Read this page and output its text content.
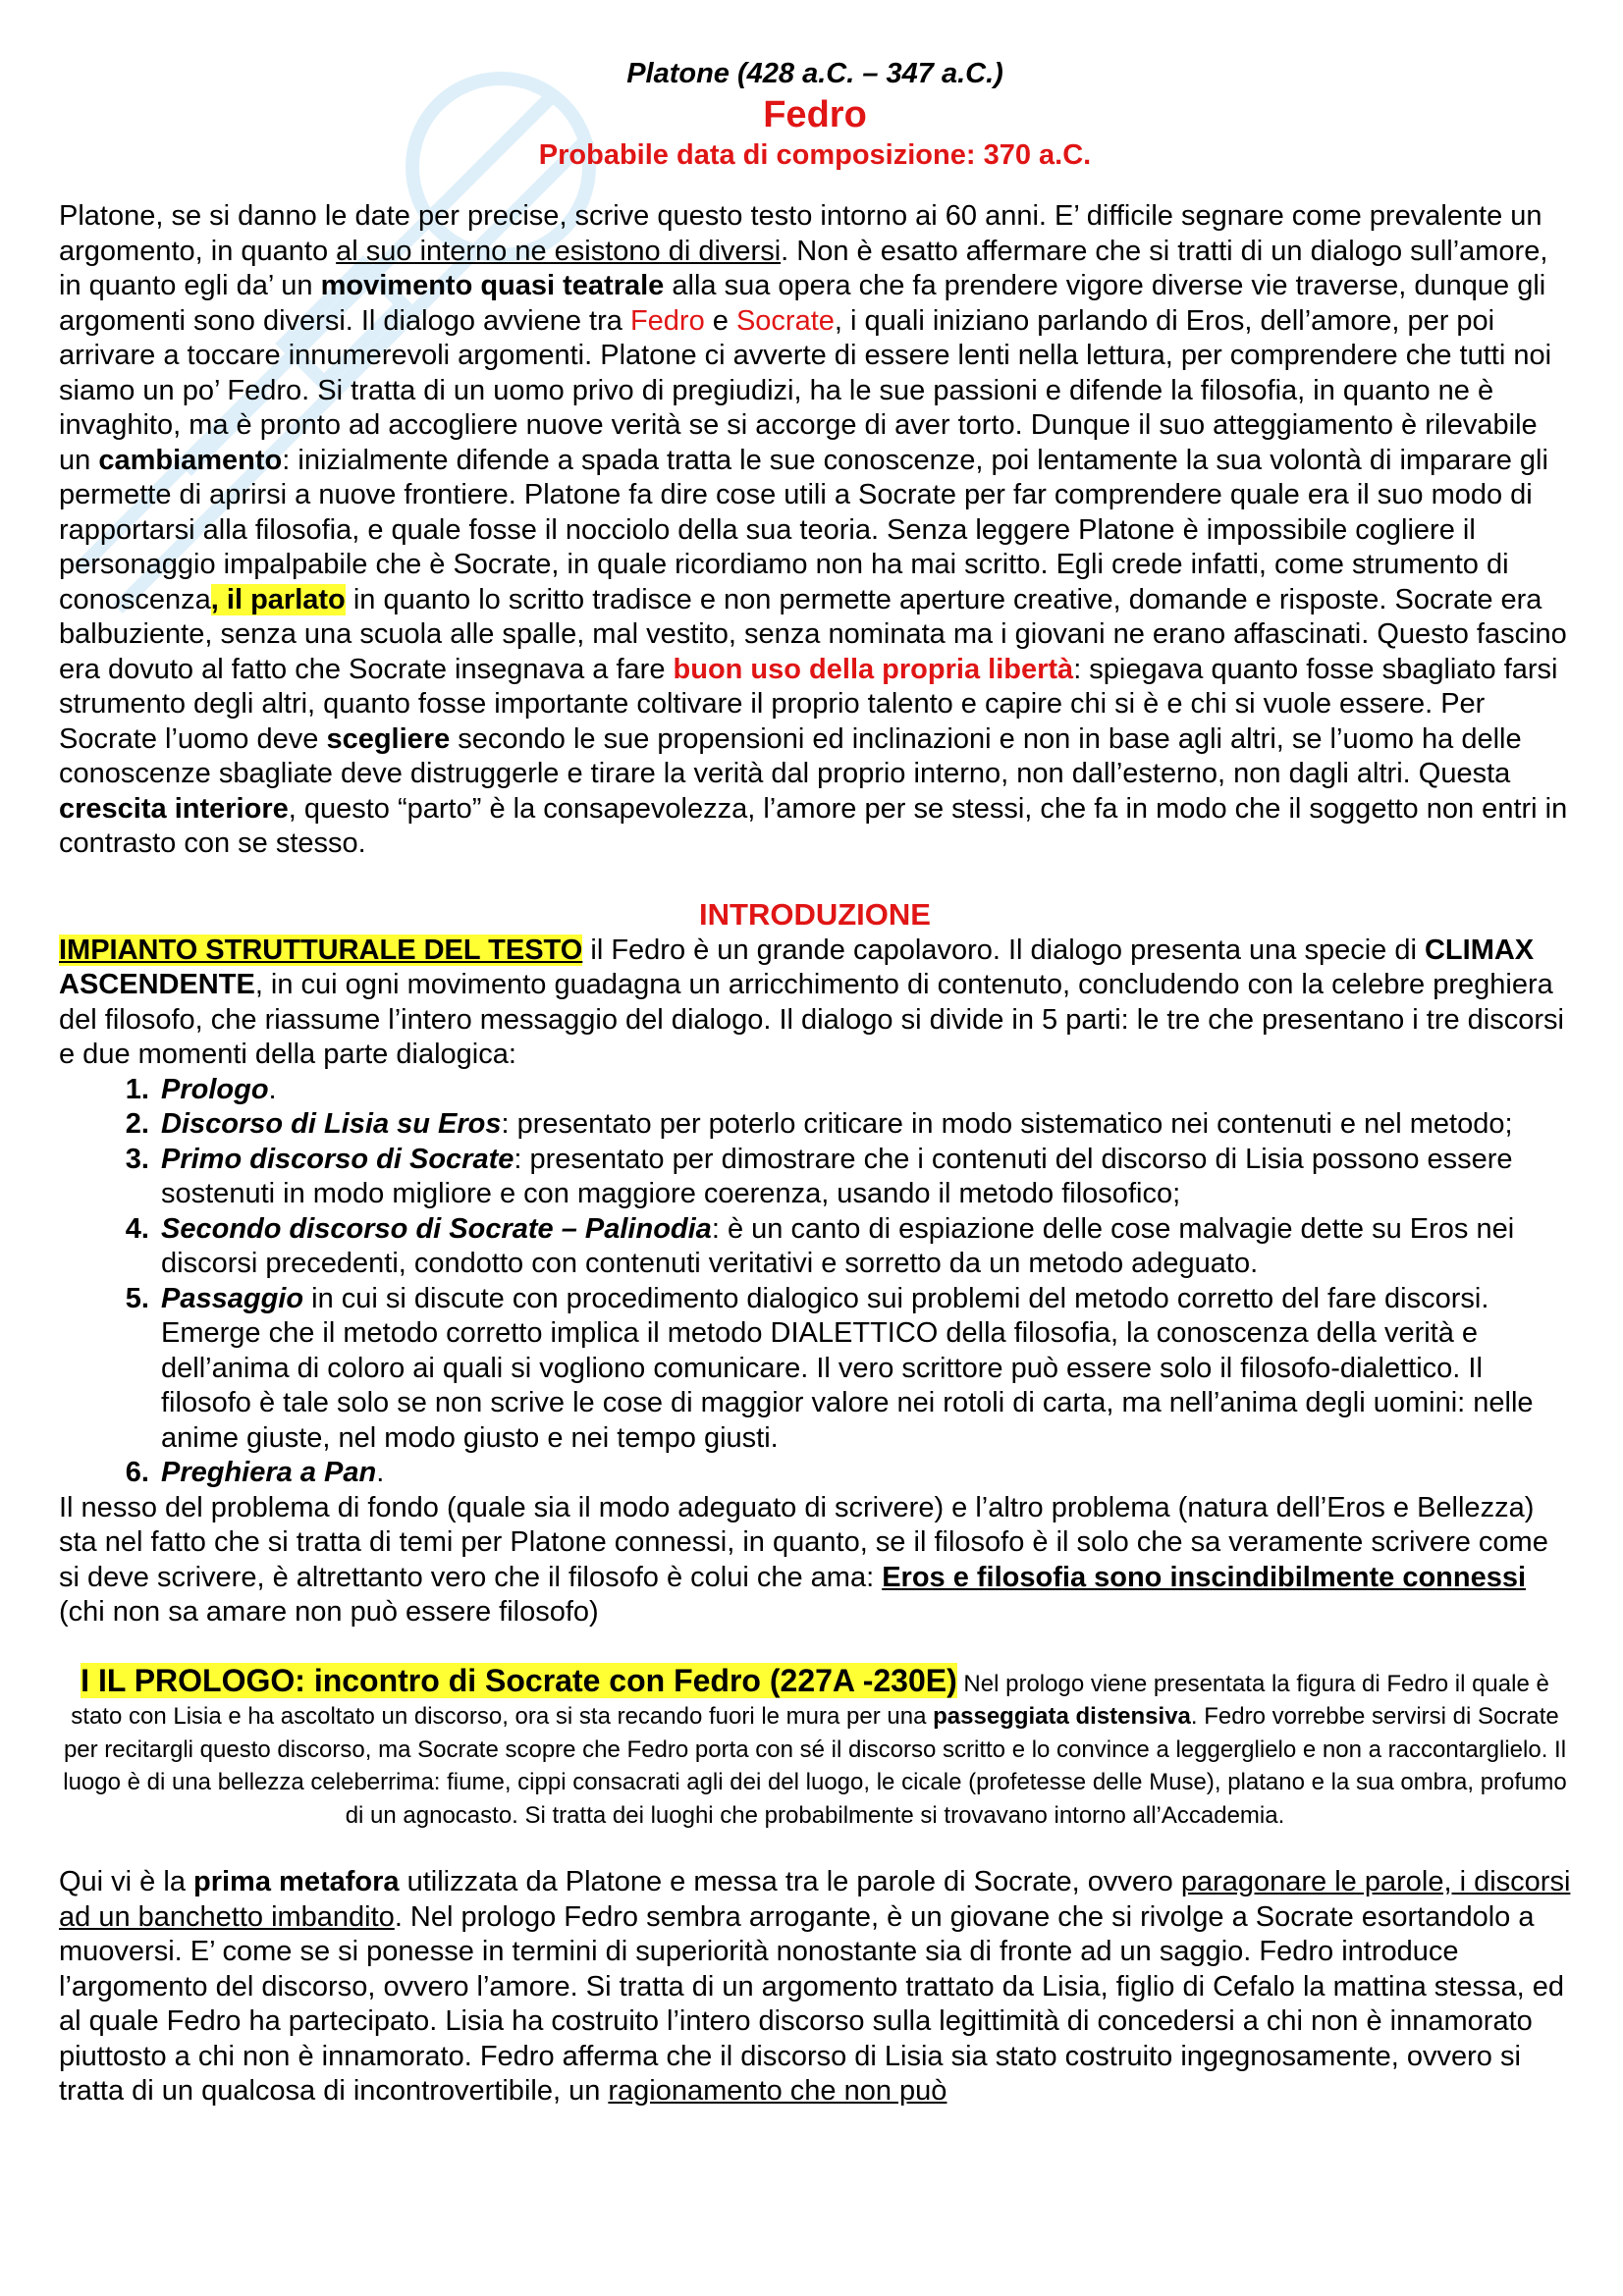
Platone (428 a.C. – 347 a.C.)
Fedro
Probabile data di composizione: 370 a.C.

Platone, se si danno le date per precise, scrive questo testo intorno ai 60 anni. E’ difficile segnare come prevalente un argomento, in quanto al suo interno ne esistono di diversi. Non è esatto affermare che si tratti di un dialogo sull’amore, in quanto egli da’ un movimento quasi teatrale alla sua opera che fa prendere vigore diverse vie traverse, dunque gli argomenti sono diversi. Il dialogo avviene tra Fedro e Socrate, i quali iniziano parlando di Eros, dell’amore, per poi arrivare a toccare innumerevoli argomenti. Platone ci avverte di essere lenti nella lettura, per comprendere che tutti noi siamo un po’ Fedro. Si tratta di un uomo privo di pregiudizi, ha le sue passioni e difende la filosofia, in quanto ne è invaghito, ma è pronto ad accogliere nuove verità se si accorge di aver torto. Dunque il suo atteggiamento è rilevabile un cambiamento: inizialmente difende a spada tratta le sue conoscenze, poi lentamente la sua volontà di imparare gli permette di aprirsi a nuove frontiere. Platone fa dire cose utili a Socrate per far comprendere quale era il suo modo di rapportarsi alla filosofia, e quale fosse il nocciolo della sua teoria. Senza leggere Platone è impossibile cogliere il personaggio impalpabile che è Socrate, in quale ricordiamo non ha mai scritto. Egli crede infatti, come strumento di conoscenza, il parlato in quanto lo scritto tradisce e non permette aperture creative, domande e risposte. Socrate era balbuziente, senza una scuola alle spalle, mal vestito, senza nominata ma i giovani ne erano affascinati. Questo fascino era dovuto al fatto che Socrate insegnava a fare buon uso della propria libertà: spiegava quanto fosse sbagliato farsi strumento degli altri, quanto fosse importante coltivare il proprio talento e capire chi si è e chi si vuole essere. Per Socrate l’uomo deve scegliere secondo le sue propensioni ed inclinazioni e non in base agli altri, se l’uomo ha delle conoscenze sbagliate deve distruggerle e tirare la verità dal proprio interno, non dall’esterno, non dagli altri. Questa crescita interiore, questo “parto” è la consapevolezza, l’amore per se stessi, che fa in modo che il soggetto non entri in contrasto con se stesso.

INTRODUZIONE

IMPIANTO STRUTTURALE DEL TESTO il Fedro è un grande capolavoro. Il dialogo presenta una specie di CLIMAX ASCENDENTE, in cui ogni movimento guadagna un arricchimento di contenuto, concludendo con la celebre preghiera del filosofo, che riassume l’intero messaggio del dialogo. Il dialogo si divide in 5 parti: le tre che presentano i tre discorsi e due momenti della parte dialogica:

1. Prologo.
2. Discorso di Lisia su Eros: presentato per poterlo criticare in modo sistematico nei contenuti e nel metodo;
3. Primo discorso di Socrate: presentato per dimostrare che i contenuti del discorso di Lisia possono essere sostenuti in modo migliore e con maggiore coerenza, usando il metodo filosofico;
4. Secondo discorso di Socrate – Palinodia: è un canto di espiazione delle cose malvagie dette su Eros nei discorsi precedenti, condotto con contenuti veritativi e sorretto da un metodo adeguato.
5. Passaggio in cui si discute con procedimento dialogico sui problemi del metodo corretto del fare discorsi. Emerge che il metodo corretto implica il metodo DIALETTICO della filosofia, la conoscenza della verità e dell’anima di coloro ai quali si vogliono comunicare. Il vero scrittore può essere solo il filosofo-dialettico. Il filosofo è tale solo se non scrive le cose di maggior valore nei rotoli di carta, ma nell’anima degli uomini: nelle anime giuste, nel modo giusto e nei tempo giusti.
6. Preghiera a Pan.

Il nesso del problema di fondo (quale sia il modo adeguato di scrivere) e l’altro problema (natura dell’Eros e Bellezza) sta nel fatto che si tratta di temi per Platone connessi, in quanto, se il filosofo è il solo che sa veramente scrivere come si deve scrivere, è altrettanto vero che il filosofo è colui che ama: Eros e filosofia sono inscindibilmente connessi (chi non sa amare non può essere filosofo)

I IL PROLOGO: incontro di Socrate con Fedro (227A -230E) Nel prologo viene presentata la figura di Fedro il quale è stato con Lisia e ha ascoltato un discorso, ora si sta recando fuori le mura per una passeggiata distensiva. Fedro vorrebbe servirsi di Socrate per recitargli questo discorso, ma Socrate scopre che Fedro porta con sé il discorso scritto e lo convince a leggerglielo e non a raccontarglielo. Il luogo è di una bellezza celeberrima: fiume, cippi consacrati agli dei del luogo, le cicale (profetesse delle Muse), platano e la sua ombra, profumo di un agnocasto. Si tratta dei luoghi che probabilmente si trovavano intorno all’Accademia.

Qui vi è la prima metafora utilizzata da Platone e messa tra le parole di Socrate, ovvero paragonare le parole, i discorsi ad un banchetto imbandito. Nel prologo Fedro sembra arrogante, è un giovane che si rivolge a Socrate esortandolo a muoversi. E’ come se si ponesse in termini di superiorità nonostante sia di fronte ad un saggio. Fedro introduce l’argomento del discorso, ovvero l’amore. Si tratta di un argomento trattato da Lisia, figlio di Cefalo la mattina stessa, ed al quale Fedro ha partecipato. Lisia ha costruito l’intero discorso sulla legittimità di concedersi a chi non è innamorato piuttosto a chi non è innamorato. Fedro afferma che il discorso di Lisia sia stato costruito ingegnosamente, ovvero si tratta di un qualcosa di incontrovertibile, un ragionamento che non può
